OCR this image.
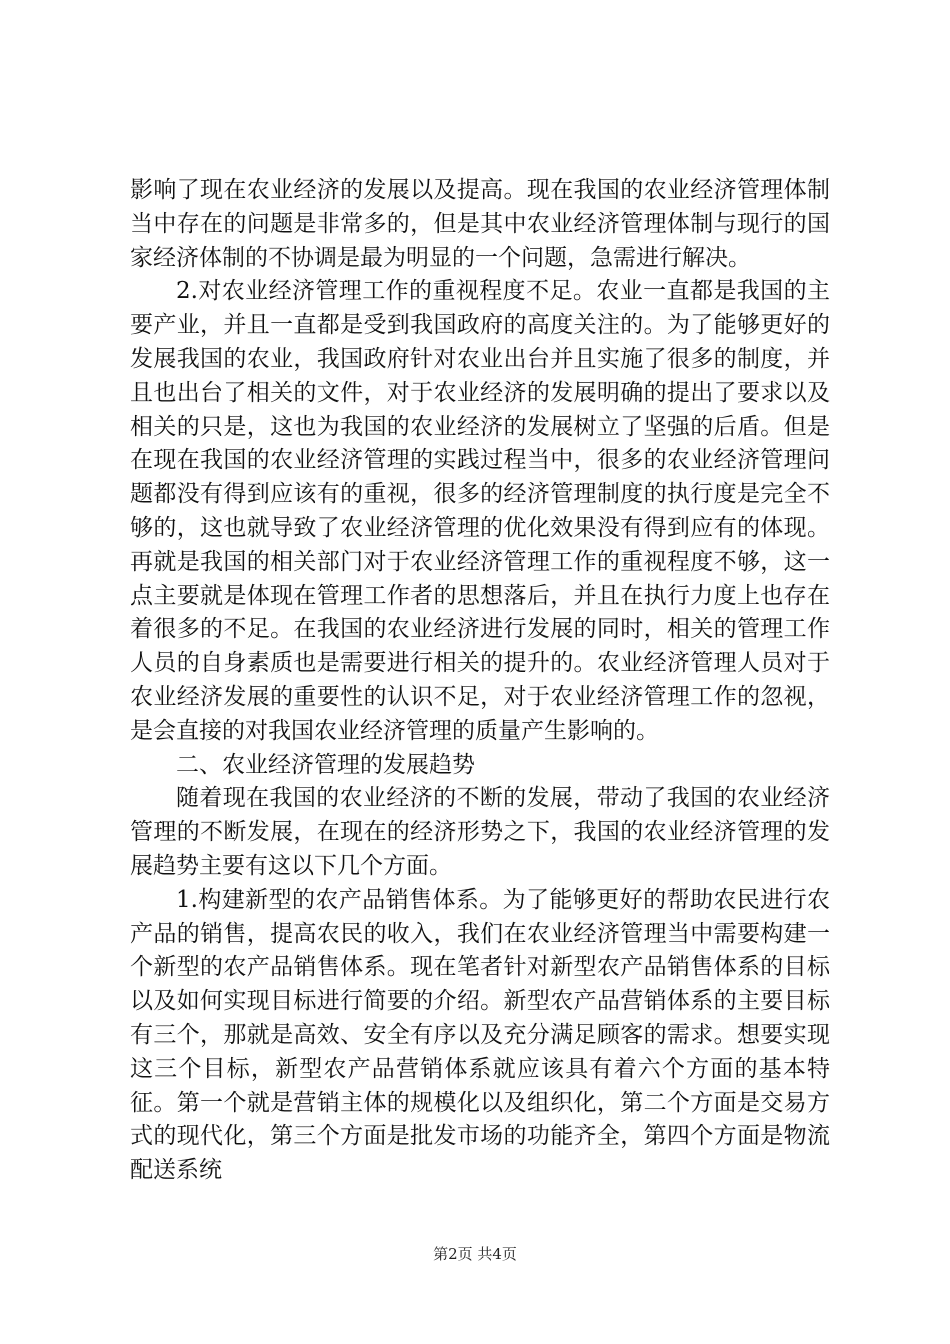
影响了现在农业经济的发展以及提高。现在我国的农业经济管理体制当中存在的问题是非常多的，但是其中农业经济管理体制与现行的国家经济体制的不协调是最为明显的一个问题，急需进行解决。

2.对农业经济管理工作的重视程度不足。农业一直都是我国的主要产业，并且一直都是受到我国政府的高度关注的。为了能够更好的发展我国的农业，我国政府针对农业出台并且实施了很多的制度，并且也出台了相关的文件，对于农业经济的发展明确的提出了要求以及相关的只是，这也为我国的农业经济的发展树立了坚强的后盾。但是在现在我国的农业经济管理的实践过程当中，很多的农业经济管理问题都没有得到应该有的重视，很多的经济管理制度的执行度是完全不够的，这也就导致了农业经济管理的优化效果没有得到应有的体现。再就是我国的相关部门对于农业经济管理工作的重视程度不够，这一点主要就是体现在管理工作者的思想落后，并且在执行力度上也存在着很多的不足。在我国的农业经济进行发展的同时，相关的管理工作人员的自身素质也是需要进行相关的提升的。农业经济管理人员对于农业经济发展的重要性的认识不足，对于农业经济管理工作的忽视，是会直接的对我国农业经济管理的质量产生影响的。

二、农业经济管理的发展趋势

随着现在我国的农业经济的不断的发展，带动了我国的农业经济管理的不断发展，在现在的经济形势之下，我国的农业经济管理的发展趋势主要有这以下几个方面。

1.构建新型的农产品销售体系。为了能够更好的帮助农民进行农产品的销售，提高农民的收入，我们在农业经济管理当中需要构建一个新型的农产品销售体系。现在笔者针对新型农产品销售体系的目标以及如何实现目标进行简要的介绍。新型农产品营销体系的主要目标有三个，那就是高效、安全有序以及充分满足顾客的需求。想要实现这三个目标，新型农产品营销体系就应该具有着六个方面的基本特征。第一个就是营销主体的规模化以及组织化，第二个方面是交易方式的现代化，第三个方面是批发市场的功能齐全，第四个方面是物流配送系统

第2页 共4页
